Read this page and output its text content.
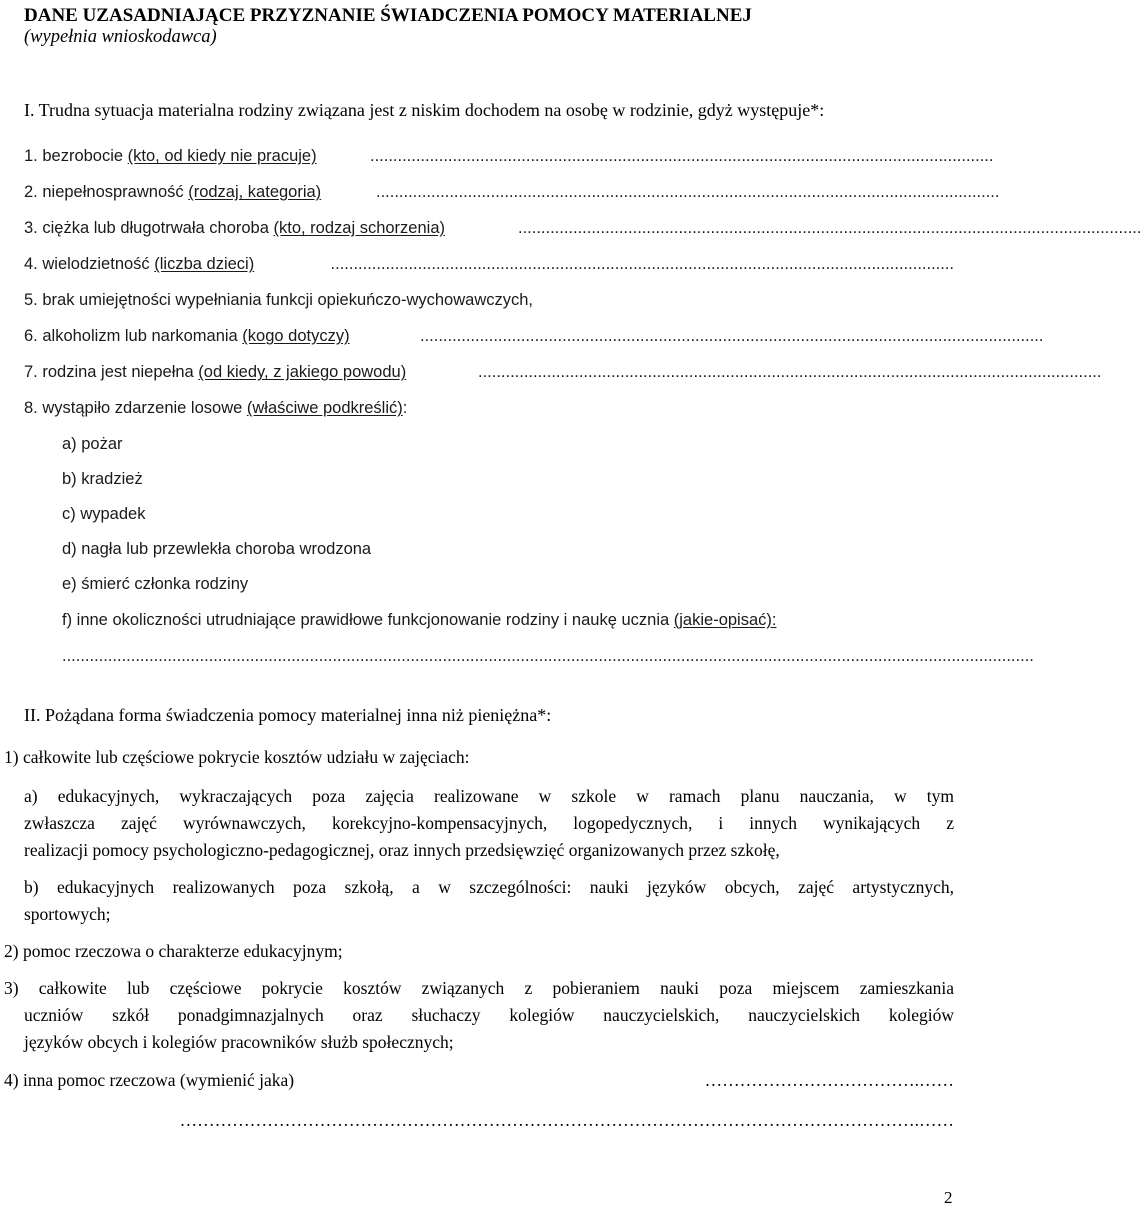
DANE UZASADNIAJĄCE PRZYZNANIE ŚWIADCZENIA POMOCY MATERIALNEJ
(wypełnia wnioskodawca)
I. Trudna sytuacja materialna rodziny związana jest z niskim dochodem na osobę w rodzinie, gdyż występuje*:
1. bezrobocie (kto, od kiedy nie pracuje)	........................................................................................................................................
2. niepełnosprawność (rodzaj, kategoria)	........................................................................................................................................
3. ciężka lub długotrwała choroba (kto, rodzaj schorzenia)	........................................................................................................................................
4. wielodzietność (liczba dzieci)	........................................................................................................................................
5. brak umiejętności wypełniania funkcji opiekuńczo-wychowawczych,
6. alkoholizm lub narkomania (kogo dotyczy)	........................................................................................................................................
7. rodzina jest niepełna (od kiedy, z jakiego powodu)	........................................................................................................................................
8. wystąpiło zdarzenie losowe (właściwe podkreślić):
a) pożar
b) kradzież
c) wypadek
d) nagła lub przewlekła choroba wrodzona
e) śmierć członka rodziny
f) inne okoliczności utrudniające prawidłowe funkcjonowanie rodziny i naukę ucznia (jakie-opisać):
....................................................................................................................................................................................................................
II. Pożądana forma świadczenia pomocy materialnej inna niż pieniężna*:
1) całkowite lub częściowe pokrycie kosztów udziału w zajęciach:
a) edukacyjnych, wykraczających poza zajęcia realizowane w szkole w ramach planu nauczania, w tym
zwłaszcza zajęć wyrównawczych, korekcyjno-kompensacyjnych, logopedycznych, i innych wynikających z
realizacji pomocy psychologiczno-pedagogicznej, oraz innych przedsięwzięć organizowanych przez szkołę,
b) edukacyjnych realizowanych poza szkołą, a w szczególności: nauki języków obcych, zajęć artystycznych,
sportowych;
2) pomoc rzeczowa o charakterze edukacyjnym;
3) całkowite lub częściowe pokrycie kosztów związanych z pobieraniem nauki poza miejscem zamieszkania
uczniów szkół ponadgimnazjalnych oraz słuchaczy kolegiów nauczycielskich, nauczycielskich kolegiów
języków obcych i kolegiów pracowników służb społecznych;
4) inna pomoc rzeczowa (wymienić jaka)	……………………………….……
……………………………………………………………………………………………………………….……
2
